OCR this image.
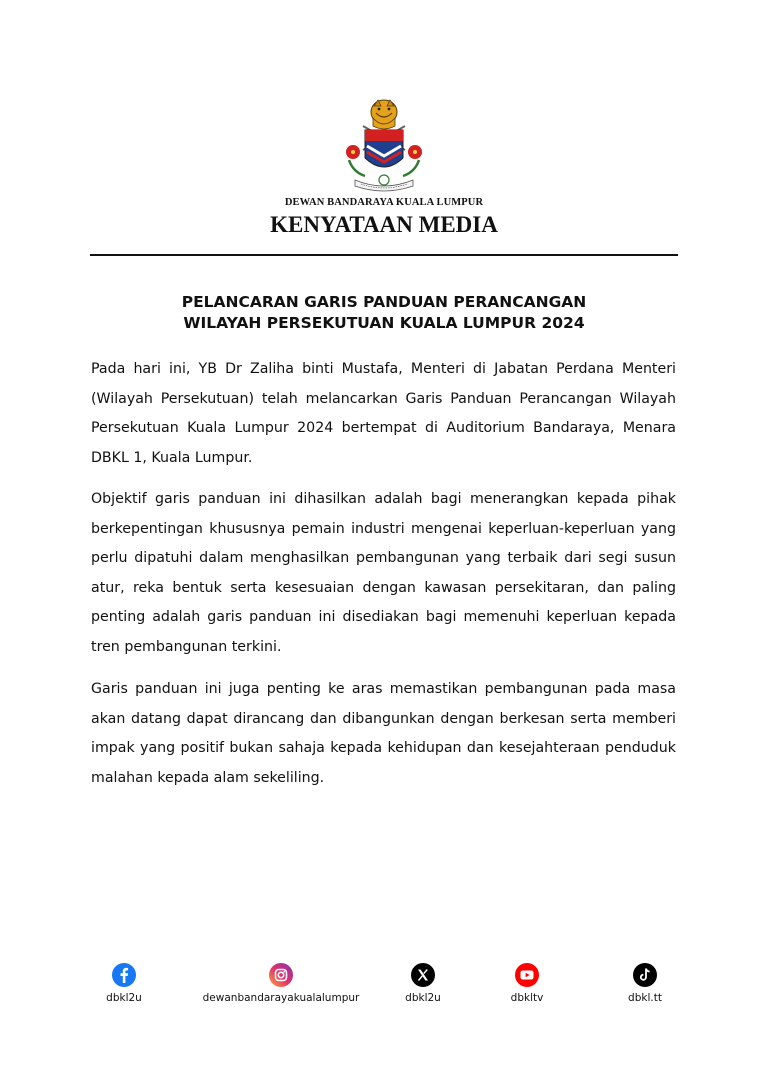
DEWAN BANDARAYA KUALA LUMPUR
KENYATAAN MEDIA
PELANCARAN GARIS PANDUAN PERANCANGAN
WILAYAH PERSEKUTUAN KUALA LUMPUR 2024

Pada hari ini, YB Dr Zaliha binti Mustafa, Menteri di Jabatan Perdana Menteri (Wilayah Persekutuan) telah melancarkan Garis Panduan Perancangan Wilayah Persekutuan Kuala Lumpur 2024 bertempat di Auditorium Bandaraya, Menara DBKL 1, Kuala Lumpur.

Objektif garis panduan ini dihasilkan adalah bagi menerangkan kepada pihak berkepentingan khususnya pemain industri mengenai keperluan-keperluan yang perlu dipatuhi dalam menghasilkan pembangunan yang terbaik dari segi susun atur, reka bentuk serta kesesuaian dengan kawasan persekitaran, dan paling penting adalah garis panduan ini disediakan bagi memenuhi keperluan kepada tren pembangunan terkini.

Garis panduan ini juga penting ke aras memastikan pembangunan pada masa akan datang dapat dirancang dan dibangunkan dengan berkesan serta memberi impak yang positif bukan sahaja kepada kehidupan dan kesejahteraan penduduk malahan kepada alam sekeliling.

dbkl2u	dewanbandarayakualalumpur	dbkl2u	dbkltv	dbkl.tt
